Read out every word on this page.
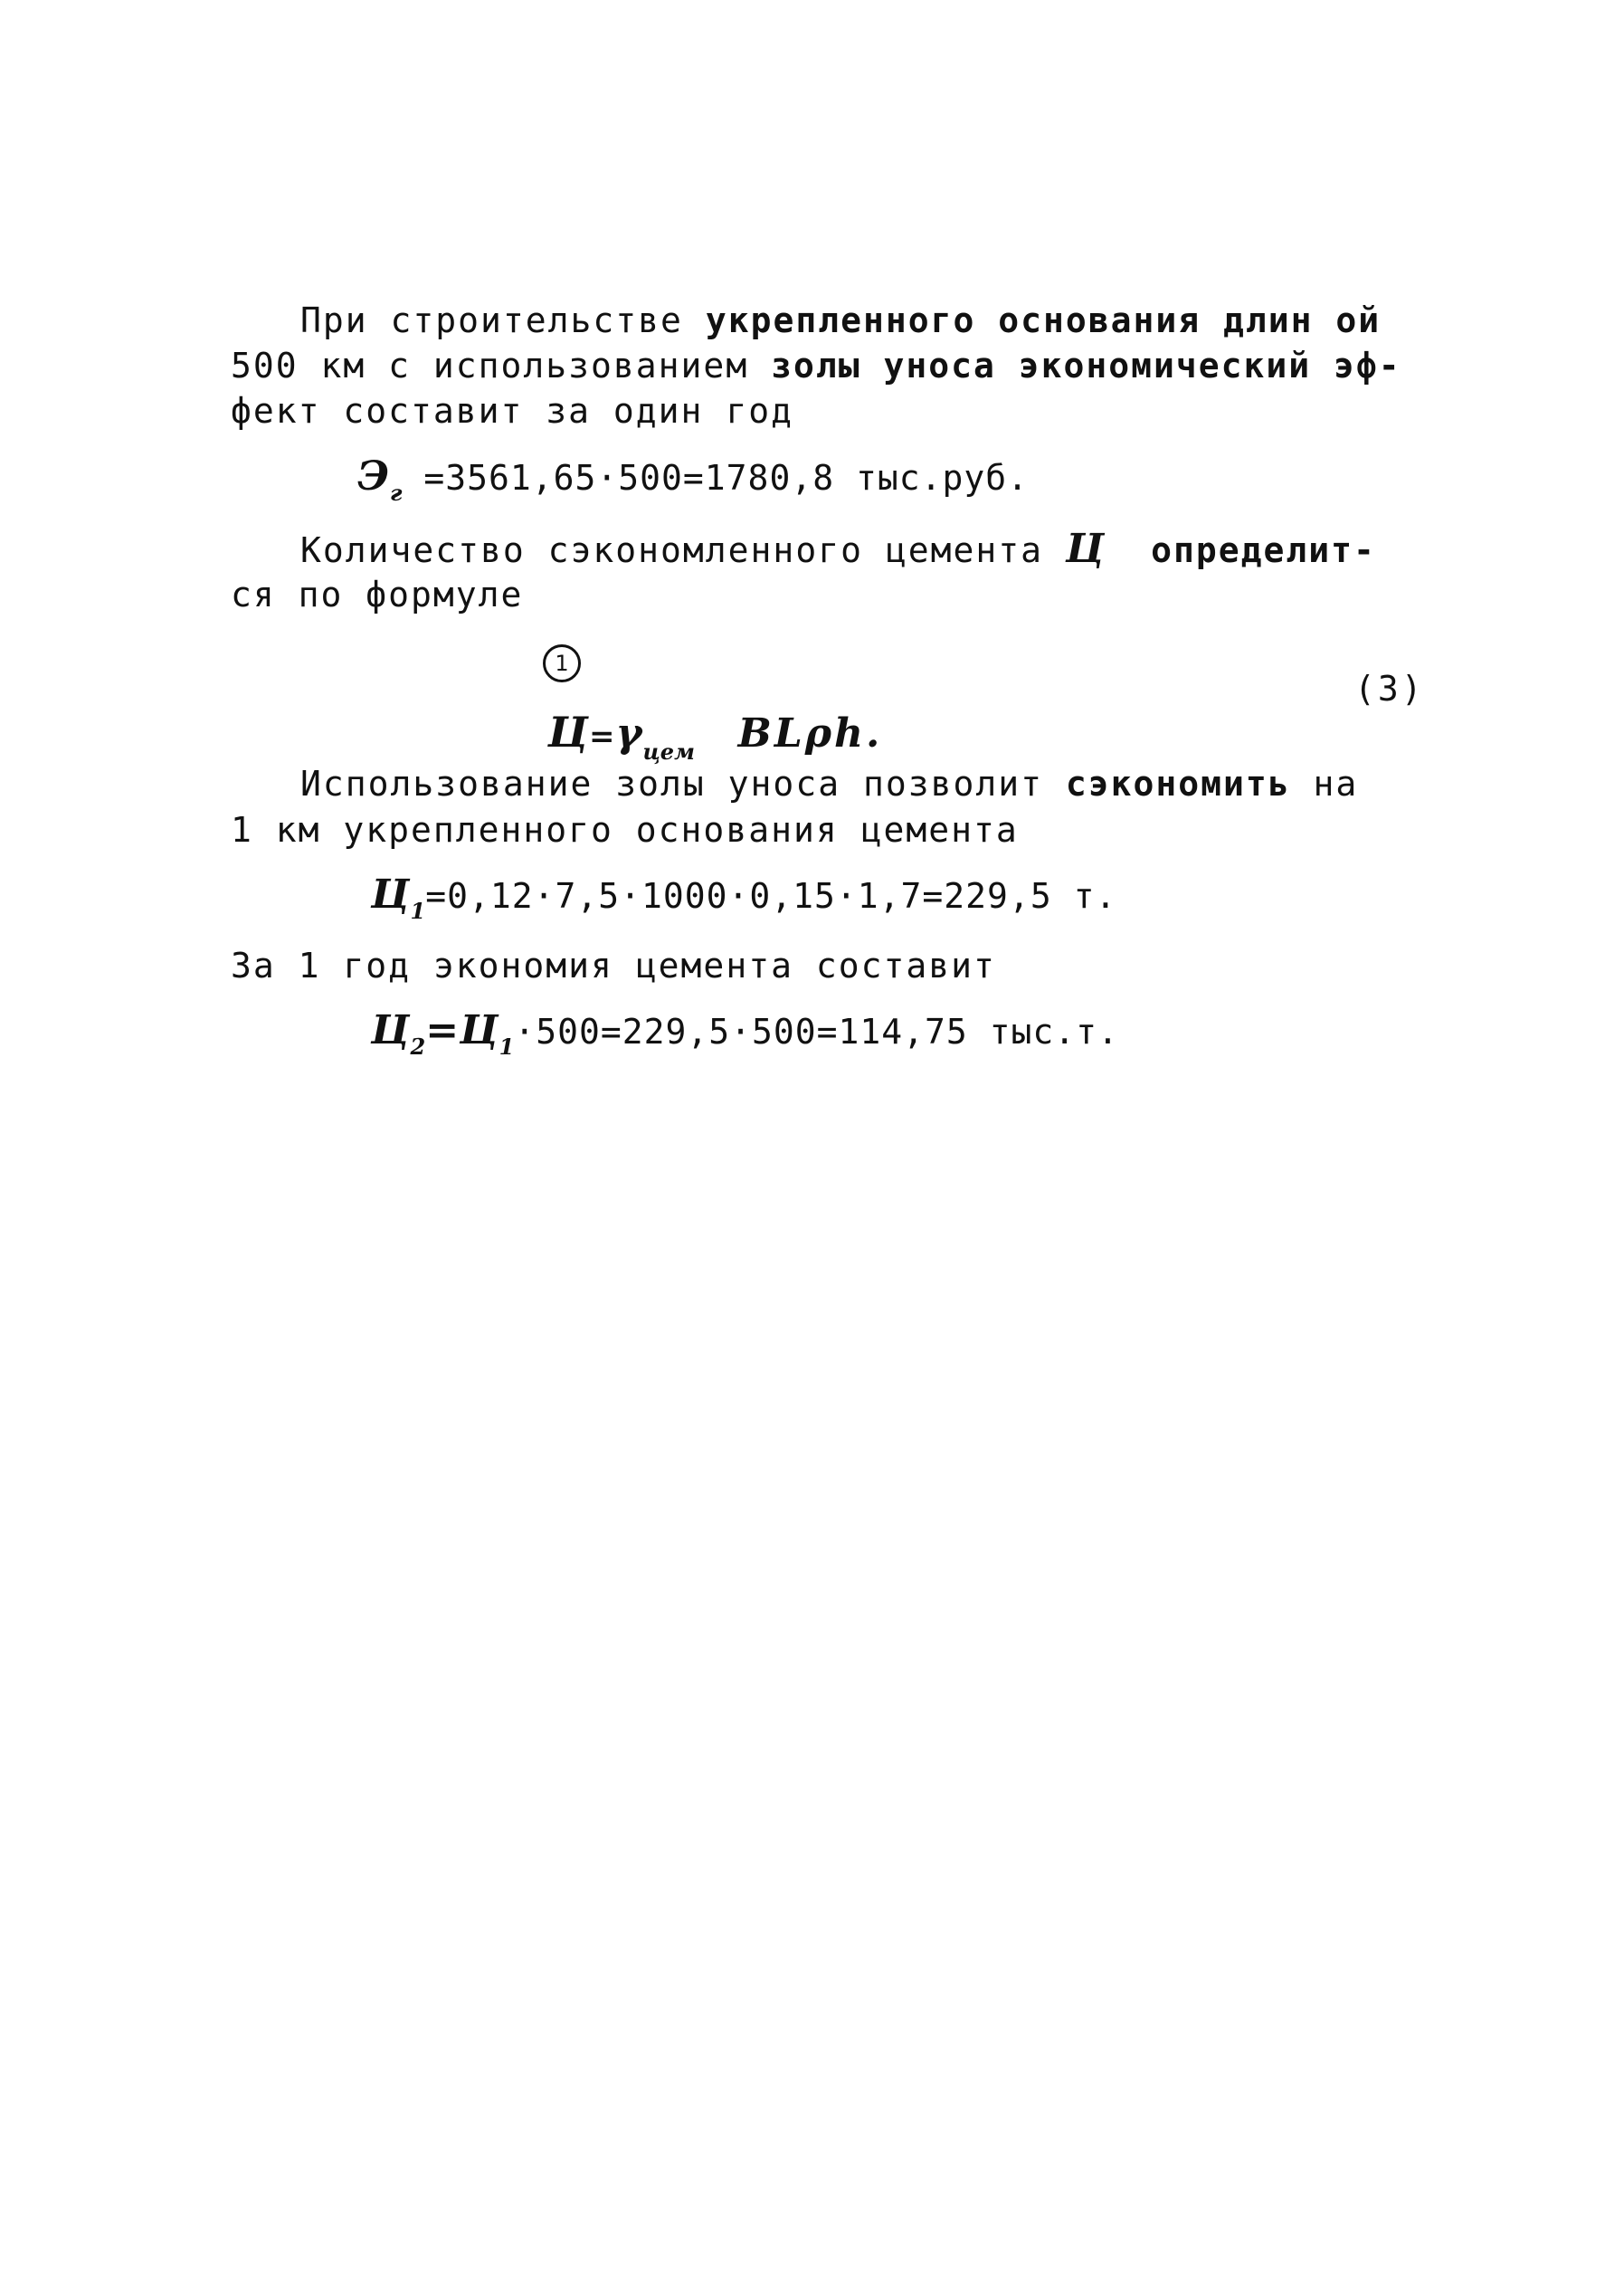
При строительстве укрепленного основания длин ой
500 км с использованием золы уноса экономический эф-
фект составит за один год
$Э_г =3561,65\cdot 500=1780,8$ тыс.руб.
Количество сэкономленного цемента Ц определит-
ся по формуле

$Ц=\gamma_{цем}$ BLρh.

1
(3)
Использование золы уноса позволит сэкономить на
1 км укрепленного основания цемента
$Ц_1=0,12\cdot 7,5\cdot 1000\cdot 0,15\cdot 1,7=229,5$ т.
За 1 год экономия цемента составит
$Ц_2=Ц_1\cdot 500=229,5\cdot 500=114,75$ тыс.т.
